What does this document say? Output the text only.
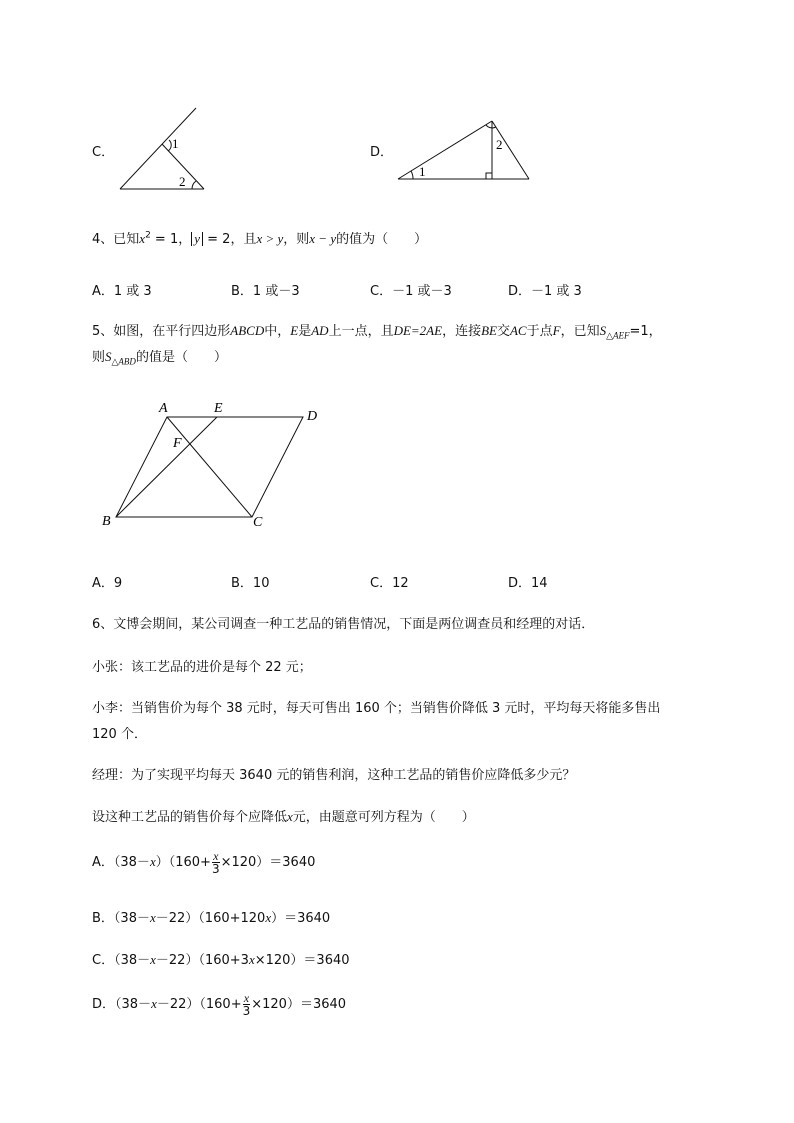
C．
1
2
D．
1
2
4、已知$x^2 = 1$， y = 2，且x > y，则x − y的值为（　　）
A．1 或 3	B．1 或－3	C．－1 或－3	D．－1 或 3
5、如图，在平行四边形ABCD中，E是AD上一点，且DE=2AE，连接BE交AC于点F，已知$S_{\triangle AEF}=1$，
则$S_{\triangle ABD}$的值是（　　）
A	E
D
F
B	C
A．9	B．10	C．12	D．14
6、文博会期间，某公司调查一种工艺品的销售情况，下面是两位调查员和经理的对话．
小张：该工艺品的进价是每个 22 元；
小李：当销售价为每个 38 元时，每天可售出 160 个；当销售价降低 3 元时，平均每天将能多售出
120 个．
经理：为了实现平均每天 3640 元的销售利润，这种工艺品的销售价应降低多少元？
设这种工艺品的销售价每个应降低x元，由题意可列方程为（　　）
A．$(38-x)(160+ \frac{x}{3} \times 120)=3640$
B．（38－x－22）（160+120x）＝3640
C．（38－x－22）（160+3x×120）＝3640
D．$(38-x-22)(160+ \frac{x}{3} \times 120)=3640$
